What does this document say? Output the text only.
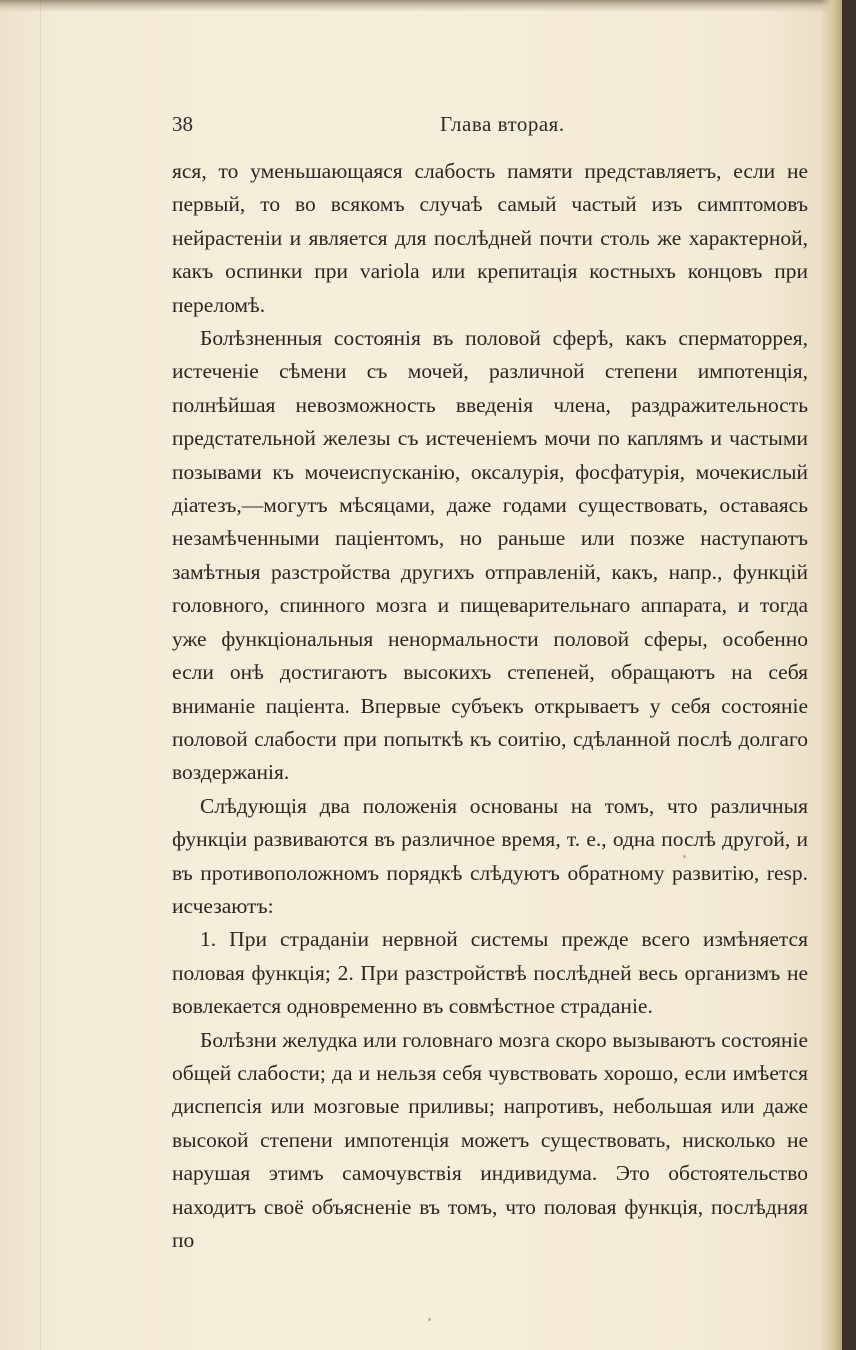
38	Глава вторая.

яся, то уменьшающаяся слабость памяти представляетъ, если не первый, то во всякомъ случаѣ самый частый изъ симптомовъ нейрастеніи и является для послѣдней почти столь же характерной, какъ оспинки при variola или крепитація костныхъ концовъ при переломѣ.

Болѣзненныя состоянія въ половой сферѣ, какъ сперматоррея, истеченіе сѣмени съ мочей, различной степени импотенція, полнѣйшая невозможность введенія члена, раздражительность предстательной железы съ истеченіемъ мочи по каплямъ и частыми позывами къ мочеиспусканію, оксалурія, фосфатурія, мочекислый діатезъ,—могутъ мѣсяцами, даже годами существовать, оставаясь незамѣченными паціентомъ, но раньше или позже наступаютъ замѣтныя разстройства другихъ отправленій, какъ, напр., функцій головного, спинного мозга и пищеварительнаго аппарата, и тогда уже функціональныя ненормальности половой сферы, особенно если онѣ достигаютъ высокихъ степеней, обращаютъ на себя вниманіе паціента. Впервые субъекъ открываетъ у себя состояніе половой слабости при попыткѣ къ соитію, сдѣланной послѣ долгаго воздержанія.

Слѣдующія два положенія основаны на томъ, что различныя функціи развиваются въ различное время, т. е., одна послѣ другой, и въ противоположномъ порядкѣ слѣдуютъ обратному развитію, resp. исчезаютъ:

1. При страданіи нервной системы прежде всего измѣняется половая функція; 2. При разстройствѣ послѣдней весь организмъ не вовлекается одновременно въ совмѣстное страданіе.

Болѣзни желудка или головнаго мозга скоро вызываютъ состояніе общей слабости; да и нельзя себя чувствовать хорошо, если имѣется диспепсія или мозговые приливы; напротивъ, небольшая или даже высокой степени импотенція можетъ существовать, нисколько не нарушая этимъ самочувствія индивидума. Это обстоятельство находитъ своё объясненіе въ томъ, что половая функція, послѣдняя по
